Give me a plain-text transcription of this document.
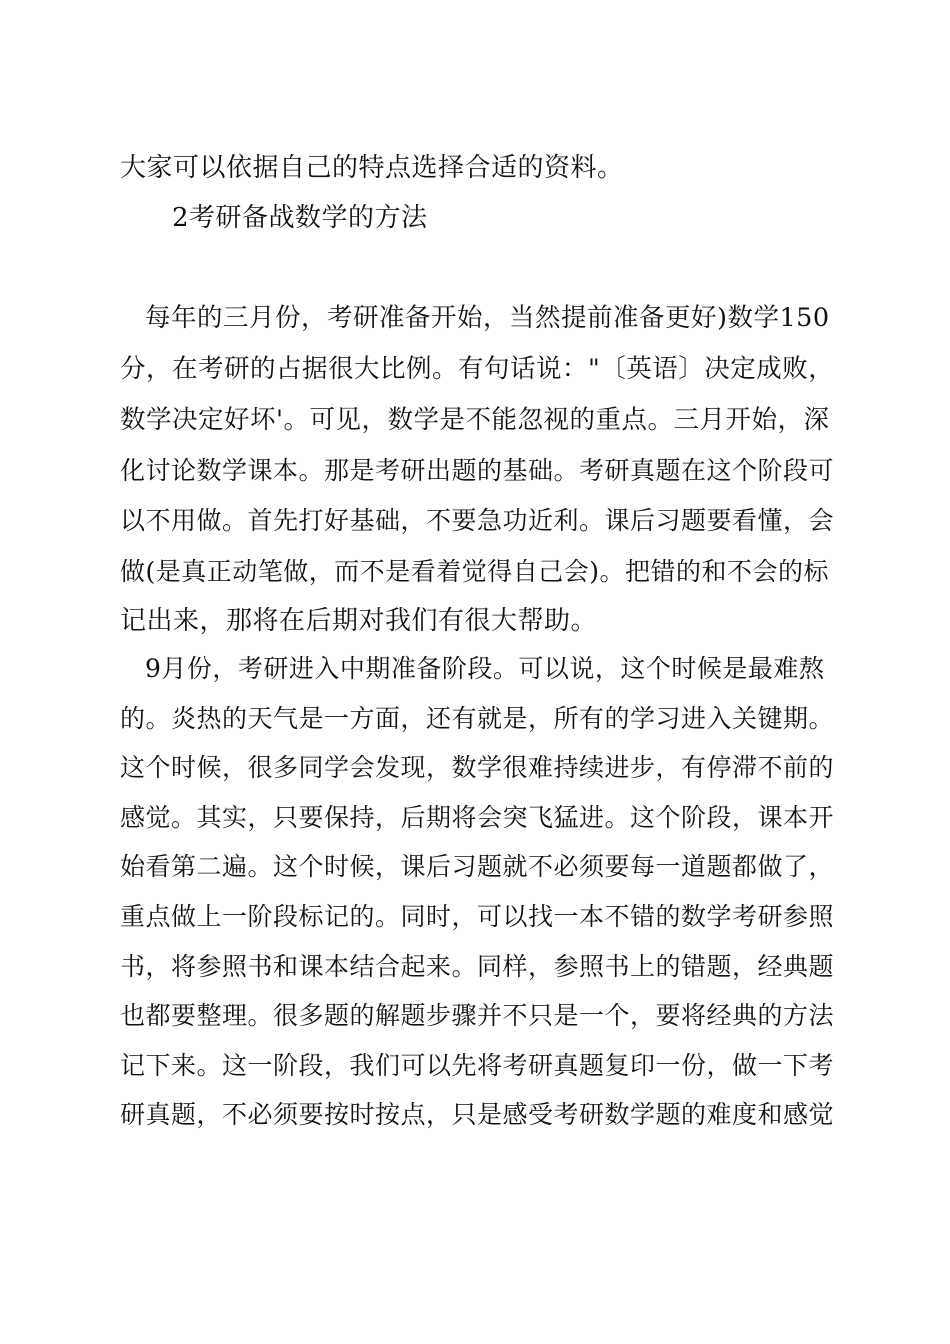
大家可以依据自己的特点选择合适的资料。
2考研备战数学的方法
每年的三月份，考研准备开始，当然提前准备更好)数学150
分，在考研的占据很大比例。有句话说："〔英语〕决定成败，
数学决定好坏'。可见，数学是不能忽视的重点。三月开始，深
化讨论数学课本。那是考研出题的基础。考研真题在这个阶段可
以不用做。首先打好基础，不要急功近利。课后习题要看懂，会
做(是真正动笔做，而不是看着觉得自己会)。把错的和不会的标
记出来，那将在后期对我们有很大帮助。
9月份，考研进入中期准备阶段。可以说，这个时候是最难熬
的。炎热的天气是一方面，还有就是，所有的学习进入关键期。
这个时候，很多同学会发现，数学很难持续进步，有停滞不前的
感觉。其实，只要保持，后期将会突飞猛进。这个阶段，课本开
始看第二遍。这个时候，课后习题就不必须要每一道题都做了，
重点做上一阶段标记的。同时，可以找一本不错的数学考研参照
书，将参照书和课本结合起来。同样，参照书上的错题，经典题
也都要整理。很多题的解题步骤并不只是一个，要将经典的方法
记下来。这一阶段，我们可以先将考研真题复印一份，做一下考
研真题，不必须要按时按点，只是感受考研数学题的难度和感觉
